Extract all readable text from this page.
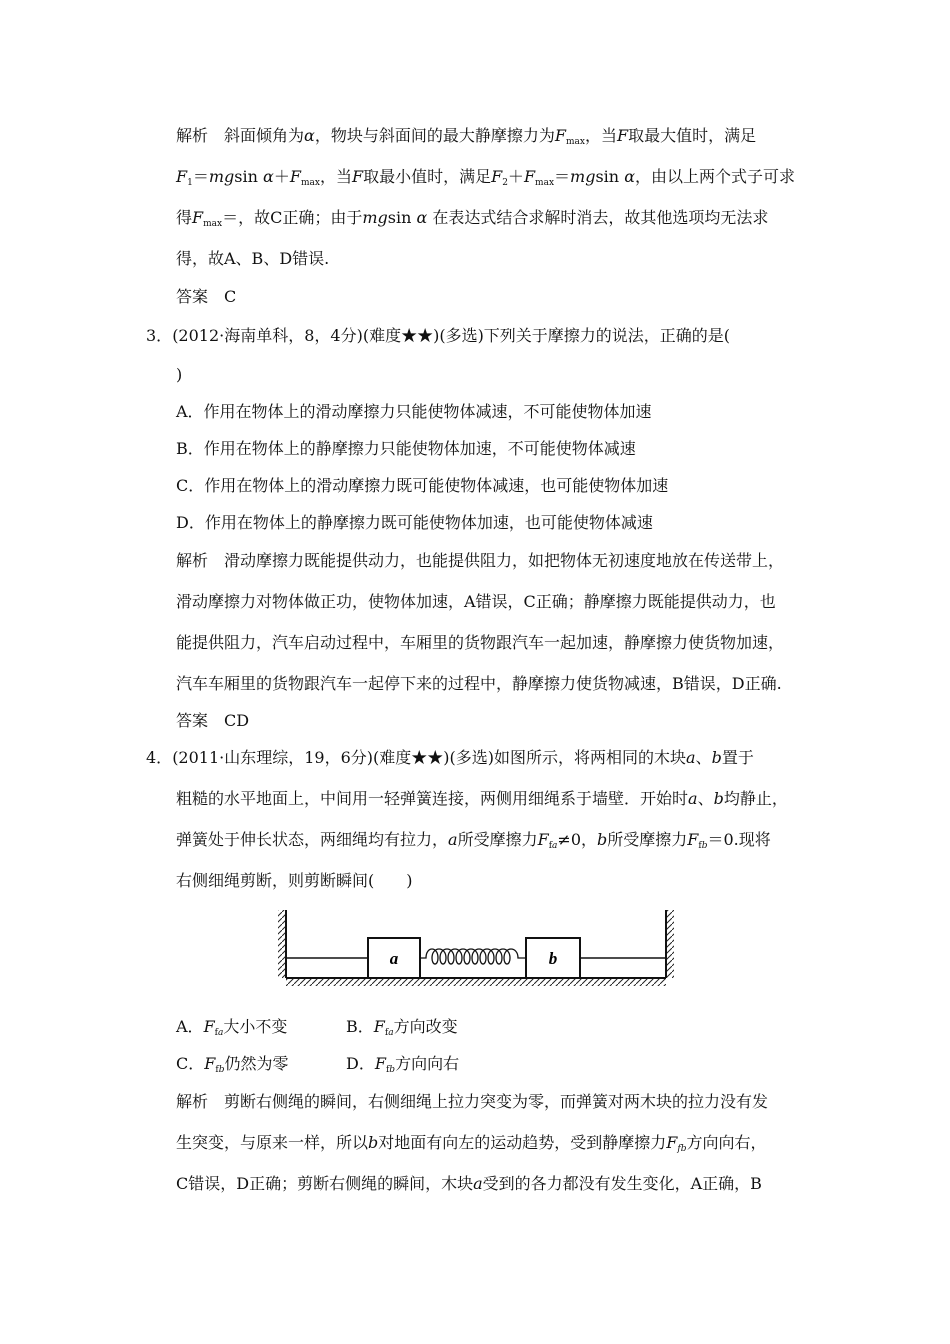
解析 斜面倾角为α，物块与斜面间的最大静摩擦力为Fmax，当F取最大值时，满足
F1＝mgsin α＋Fmax，当F取最小值时，满足F2＋Fmax＝mgsin α，由以上两个式子可求
得Fmax＝，故C正确；由于mgsin α 在表达式结合求解时消去，故其他选项均无法求
得，故A、B、D错误.
答案 C
3．(2012·海南单科，8，4分)(难度★★)(多选)下列关于摩擦力的说法，正确的是(
)
A．作用在物体上的滑动摩擦力只能使物体减速，不可能使物体加速
B．作用在物体上的静摩擦力只能使物体加速，不可能使物体减速
C．作用在物体上的滑动摩擦力既可能使物体减速，也可能使物体加速
D．作用在物体上的静摩擦力既可能使物体加速，也可能使物体减速
解析 滑动摩擦力既能提供动力，也能提供阻力，如把物体无初速度地放在传送带上，
滑动摩擦力对物体做正功，使物体加速，A错误，C正确；静摩擦力既能提供动力，也
能提供阻力，汽车启动过程中，车厢里的货物跟汽车一起加速，静摩擦力使货物加速，
汽车车厢里的货物跟汽车一起停下来的过程中，静摩擦力使货物减速，B错误，D正确.
答案 CD
4．(2011·山东理综，19，6分)(难度★★)(多选)如图所示，将两相同的木块a、b置于
粗糙的水平地面上，中间用一轻弹簧连接，两侧用细绳系于墙壁．开始时a、b均静止，
弹簧处于伸长状态，两细绳均有拉力，a所受摩擦力Ffa≠0，b所受摩擦力Ffb＝0.现将
右侧细绳剪断，则剪断瞬间(　　)
a	b
A．Ffa大小不变	B．Ffa方向改变
C．Ffb仍然为零	D．Ffb方向向右
解析 剪断右侧绳的瞬间，右侧细绳上拉力突变为零，而弹簧对两木块的拉力没有发
生突变，与原来一样，所以b对地面有向左的运动趋势，受到静摩擦力Ffb方向向右，
C错误，D正确；剪断右侧绳的瞬间，木块a受到的各力都没有发生变化，A正确，B
